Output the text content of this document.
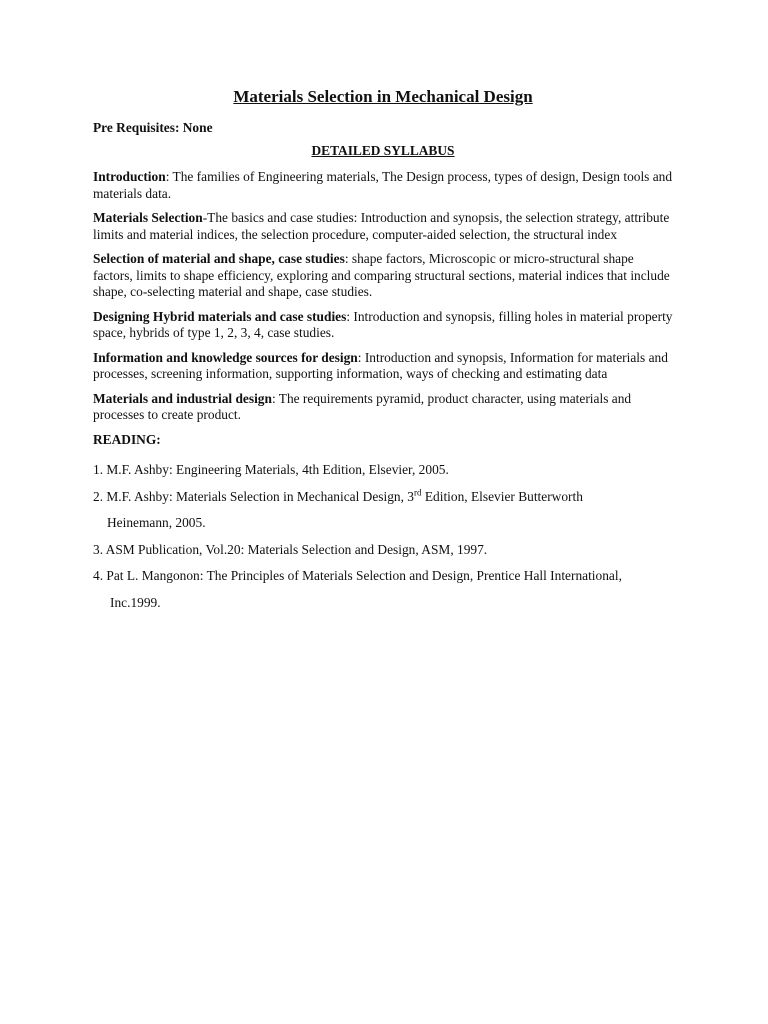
Materials Selection in Mechanical Design
Pre Requisites: None
DETAILED SYLLABUS
Introduction: The families of Engineering materials, The Design process, types of design, Design tools and materials data.
Materials Selection-The basics and case studies: Introduction and synopsis, the selection strategy, attribute limits and material indices, the selection procedure, computer-aided selection, the structural index
Selection of material and shape, case studies: shape factors, Microscopic or micro-structural shape factors, limits to shape efficiency, exploring and comparing structural sections, material indices that include shape, co-selecting material and shape, case studies.
Designing Hybrid materials and case studies: Introduction and synopsis, filling holes in material property space, hybrids of type 1, 2, 3, 4, case studies.
Information and knowledge sources for design: Introduction and synopsis, Information for materials and processes, screening information, supporting information, ways of checking and estimating data
Materials and industrial design: The requirements pyramid, product character, using materials and processes to create product.
READING:
1. M.F. Ashby: Engineering Materials, 4th Edition, Elsevier, 2005.
2. M.F. Ashby: Materials Selection in Mechanical Design, 3rd Edition, Elsevier Butterworth
Heinemann, 2005.
3. ASM Publication, Vol.20: Materials Selection and Design, ASM, 1997.
4. Pat L. Mangonon: The Principles of Materials Selection and Design, Prentice Hall International,
Inc.1999.
